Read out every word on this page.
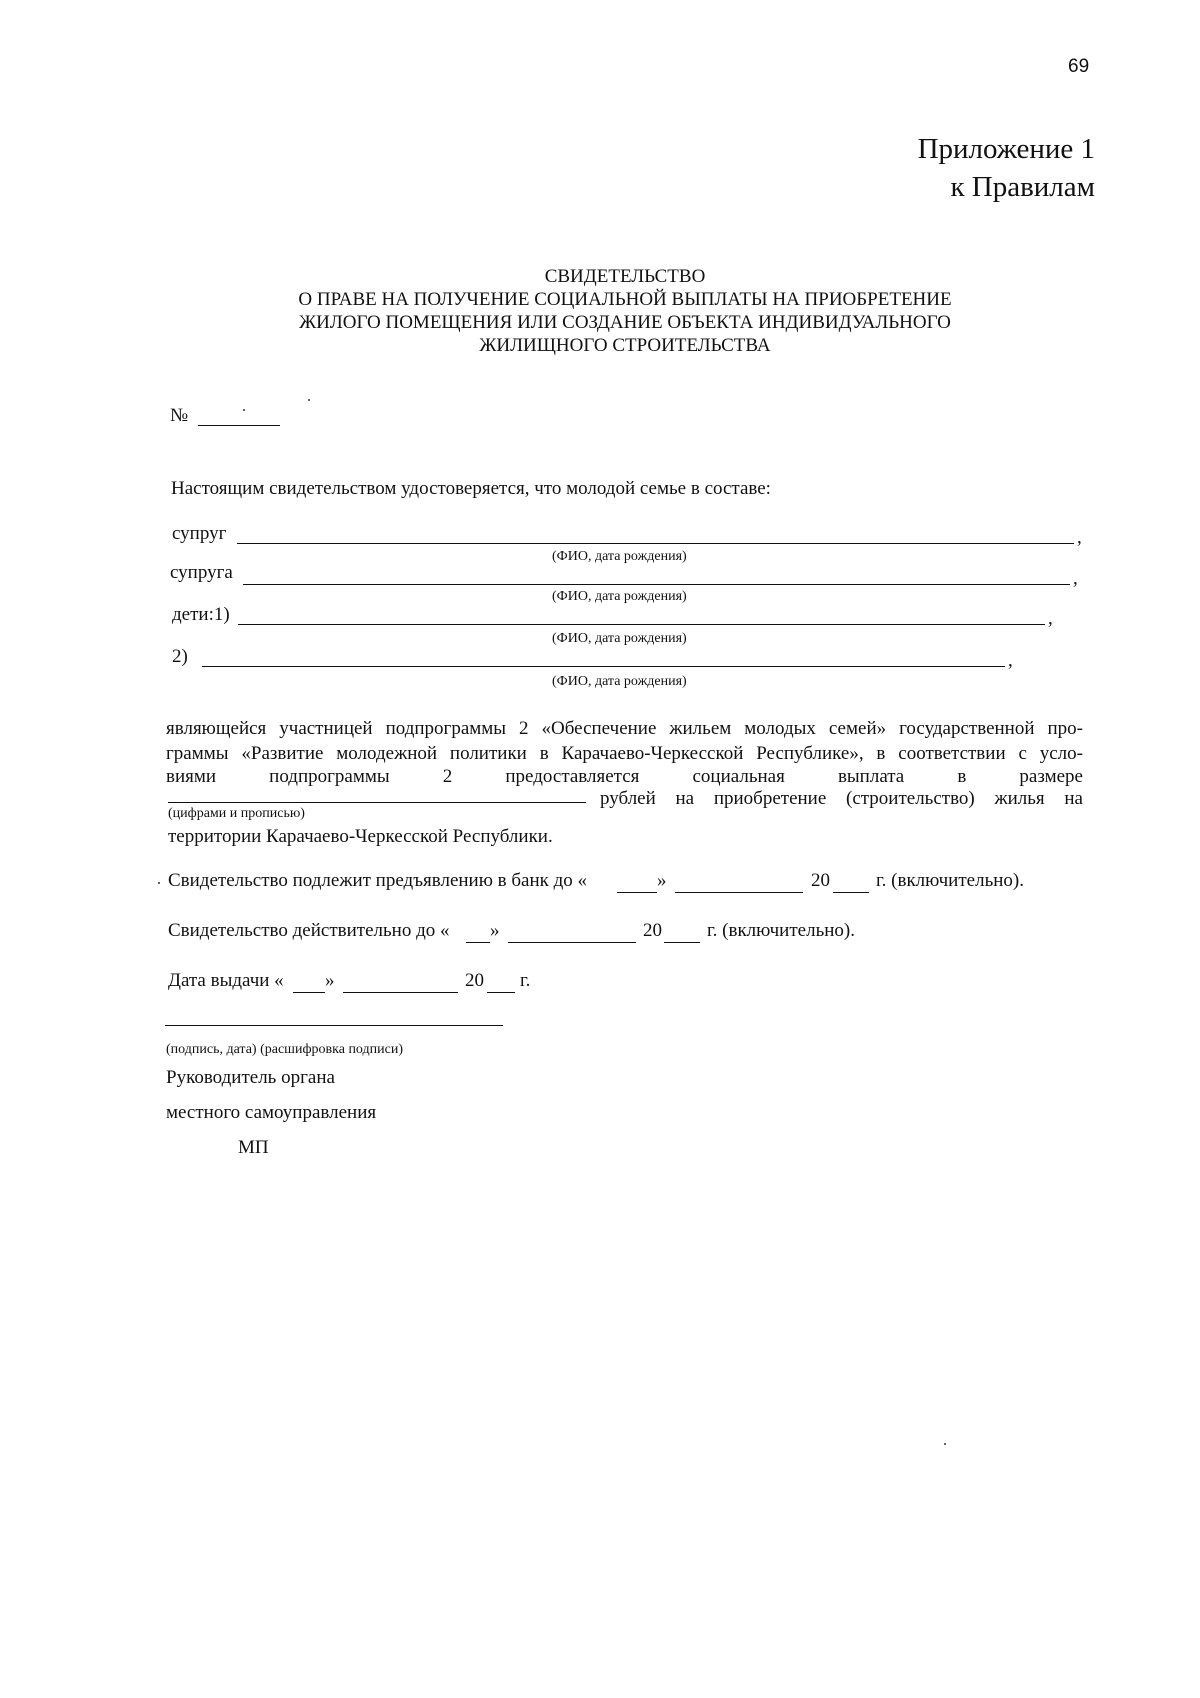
69
Приложение 1
к Правилам
СВИДЕТЕЛЬСТВО
О ПРАВЕ НА ПОЛУЧЕНИЕ СОЦИАЛЬНОЙ ВЫПЛАТЫ НА ПРИОБРЕТЕНИЕ
ЖИЛОГО ПОМЕЩЕНИЯ ИЛИ СОЗДАНИЕ ОБЪЕКТА ИНДИВИДУАЛЬНОГО
ЖИЛИЩНОГО СТРОИТЕЛЬСТВА
№
Настоящим свидетельством удостоверяется, что молодой семье в составе:
супруг	,
(ФИО, дата рождения)
супруга	,
(ФИО, дата рождения)
дети:1)	,
(ФИО, дата рождения)
2)	,
(ФИО, дата рождения)
являющейся участницей подпрограммы 2 «Обеспечение жильем молодых семей» государственной про-
граммы «Развитие молодежной политики в Карачаево-Черкесской Республике», в соответствии с усло-
виями подпрограммы 2 предоставляется социальная выплата в размере
рублей на приобретение (строительство) жилья на
(цифрами и прописью)
территории Карачаево-Черкесской Республики.
Свидетельство подлежит предъявлению в банк до «	»	20 г. (включительно).
Свидетельство действительно до « »	20 г. (включительно).
Дата выдачи « »	20 г.
(подпись, дата) (расшифровка подписи)
Руководитель органа
местного самоуправления
МП
